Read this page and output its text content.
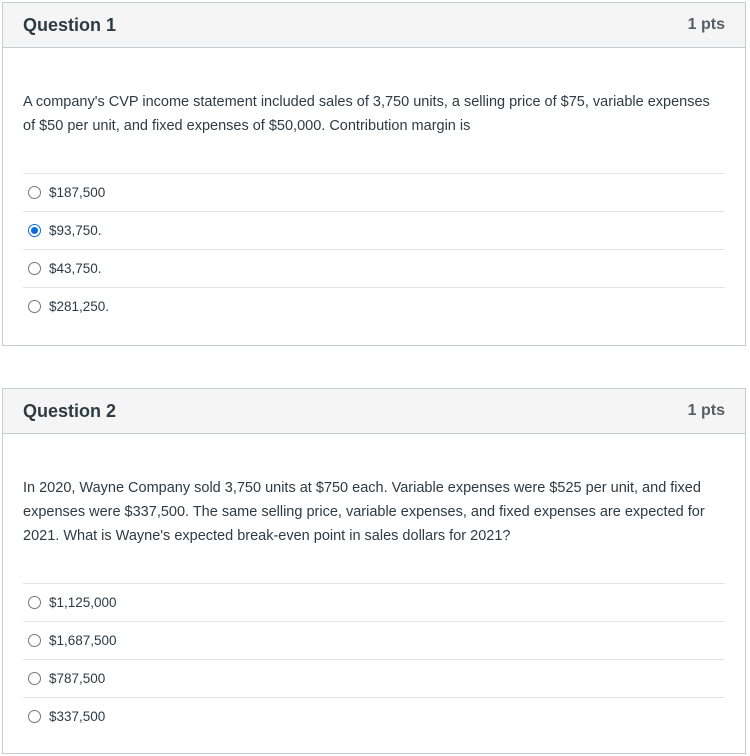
Question 1	1 pts
A company's CVP income statement included sales of 3,750 units, a selling price of $75, variable expenses of $50 per unit, and fixed expenses of $50,000. Contribution margin is
$187,500
$93,750.
$43,750.
$281,250.
Question 2	1 pts
In 2020, Wayne Company sold 3,750 units at $750 each. Variable expenses were $525 per unit, and fixed expenses were $337,500. The same selling price, variable expenses, and fixed expenses are expected for 2021. What is Wayne's expected break-even point in sales dollars for 2021?
$1,125,000
$1,687,500
$787,500
$337,500
